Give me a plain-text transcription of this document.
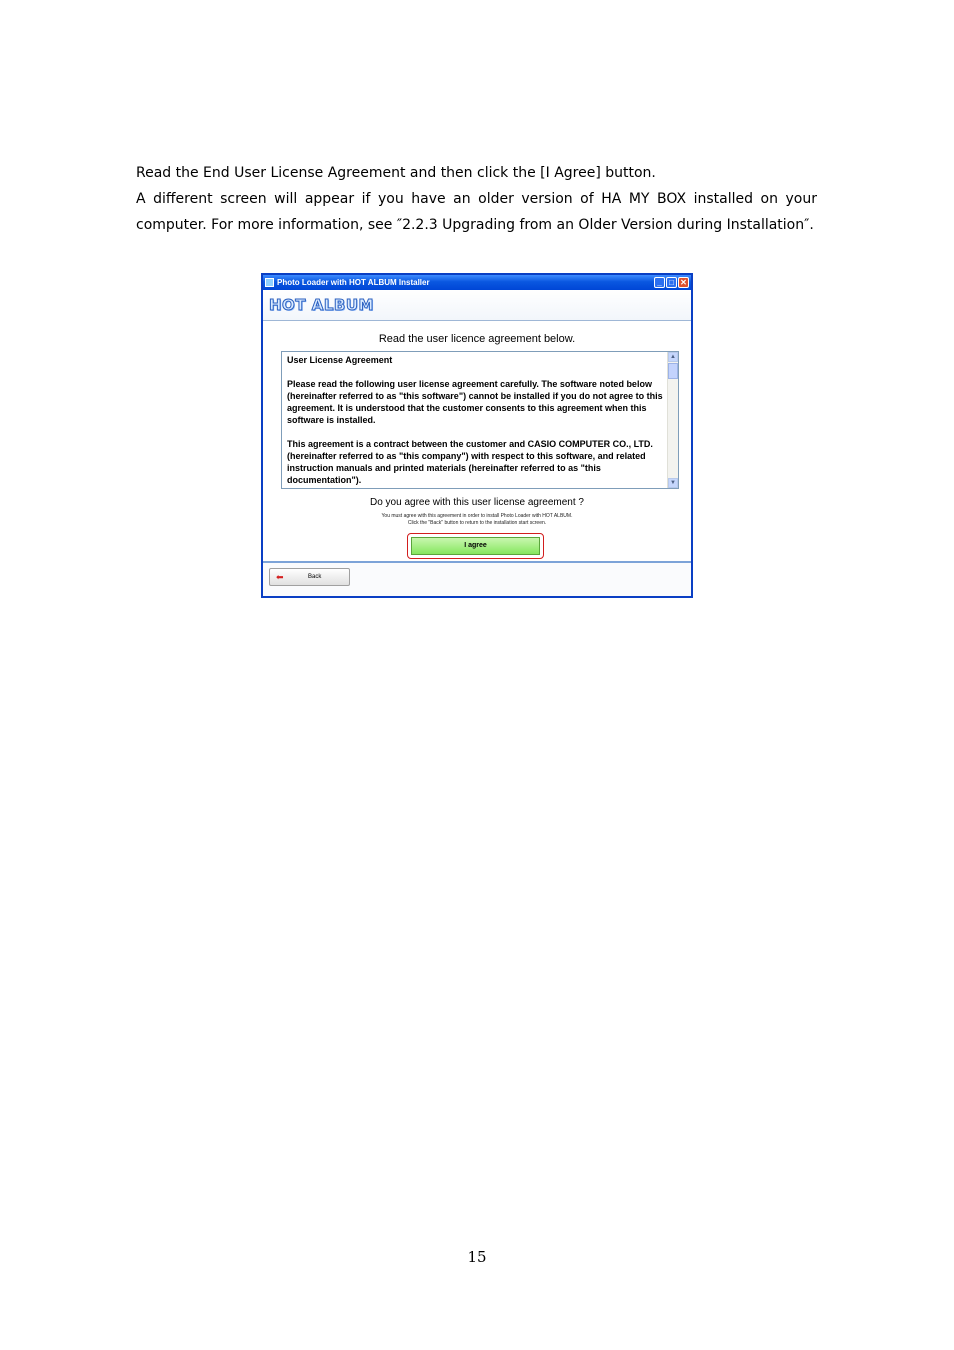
Read the End User License Agreement and then click the [I Agree] button.

A different screen will appear if you have an older version of HA MY BOX installed on your computer. For more information, see ″2.2.3 Upgrading from an Older Version during Installation″.

Photo Loader with HOT ALBUM Installer	_ □ ✕
HOT ALBUM
Read the user licence agreement below.

User License Agreement

Please read the following user license agreement carefully. The software noted below (hereinafter referred to as "this software") cannot be installed if you do not agree to this agreement. It is understood that the customer consents to this agreement when this software is installed.

This agreement is a contract between the customer and CASIO COMPUTER CO., LTD. (hereinafter referred to as "this company") with respect to this software, and related instruction manuals and printed materials (hereinafter referred to as "this documentation").

▲
▼
Do you agree with this user license agreement ?
You must agree with this agreement in order to install Photo Loader with HOT ALBUM.
Click the "Back" button to return to the installation start screen.
I agree
⬅	Back
15
